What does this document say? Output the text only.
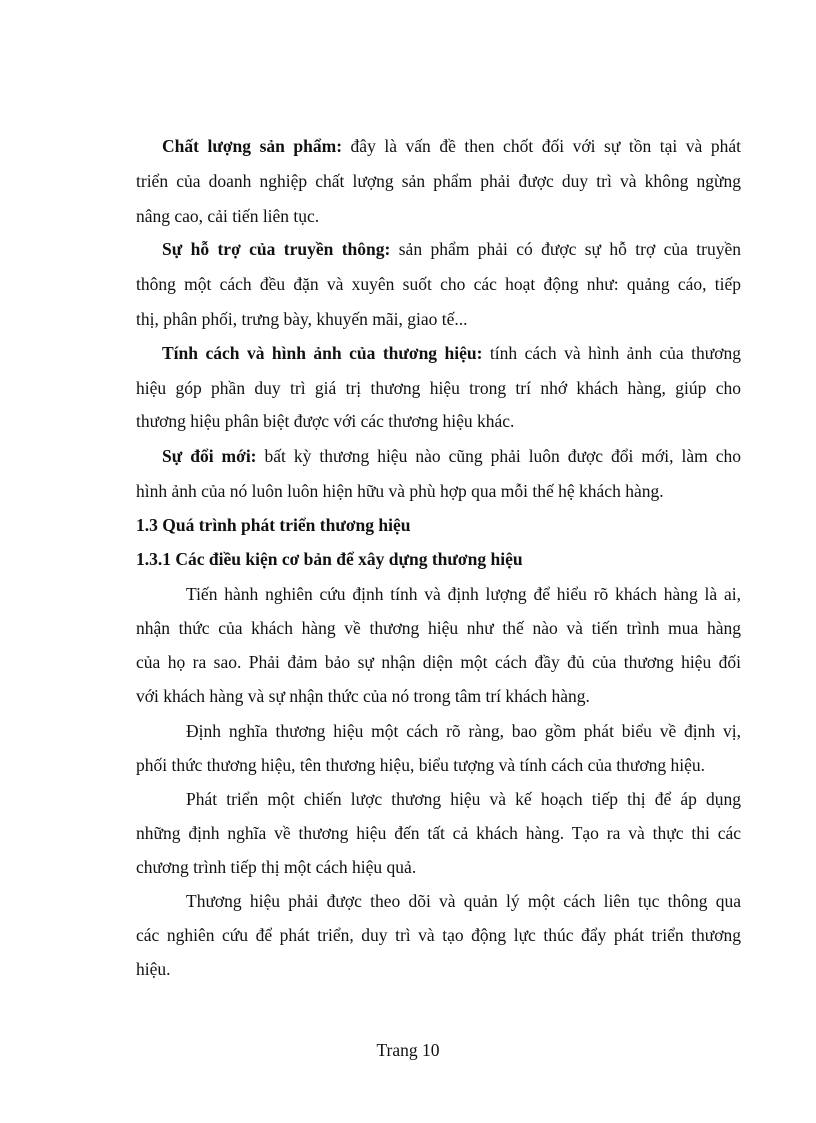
Chất lượng sản phẩm: đây là vấn đề then chốt đối với sự tồn tại và phát
triển của doanh nghiệp chất lượng sản phẩm phải được duy trì và không ngừng
nâng cao, cải tiến liên tục.
Sự hỗ trợ của truyền thông: sản phẩm phải có được sự hỗ trợ của truyền
thông một cách đều đặn và xuyên suốt cho các hoạt động như: quảng cáo, tiếp
thị, phân phối, trưng bày, khuyến mãi, giao tế...
Tính cách và hình ảnh của thương hiệu: tính cách và hình ảnh của thương
hiệu góp phần duy trì giá trị thương hiệu trong trí nhớ khách hàng, giúp cho
thương hiệu phân biệt được với các thương hiệu khác.
Sự đổi mới: bất kỳ thương hiệu nào cũng phải luôn được đổi mới, làm cho
hình ảnh của nó luôn luôn hiện hữu và phù hợp qua mỗi thế hệ khách hàng.
1.3 Quá trình phát triển thương hiệu
1.3.1 Các điều kiện cơ bản để xây dựng thương hiệu
Tiến hành nghiên cứu định tính và định lượng để hiểu rõ khách hàng là ai,
nhận thức của khách hàng về thương hiệu như thế nào và tiến trình mua hàng
của họ ra sao. Phải đảm bảo sự nhận diện một cách đầy đủ của thương hiệu đối
với khách hàng và sự nhận thức của nó trong tâm trí khách hàng.
Định nghĩa thương hiệu một cách rõ ràng, bao gồm phát biểu về định vị,
phối thức thương hiệu, tên thương hiệu, biểu tượng và tính cách của thương hiệu.
Phát triển một chiến lược thương hiệu và kế hoạch tiếp thị để áp dụng
những định nghĩa về thương hiệu đến tất cả khách hàng. Tạo ra và thực thi các
chương trình tiếp thị một cách hiệu quả.
Thương hiệu phải được theo dõi và quản lý một cách liên tục thông qua
các nghiên cứu để phát triển, duy trì và tạo động lực thúc đẩy phát triển thương
hiệu.
Trang 10
